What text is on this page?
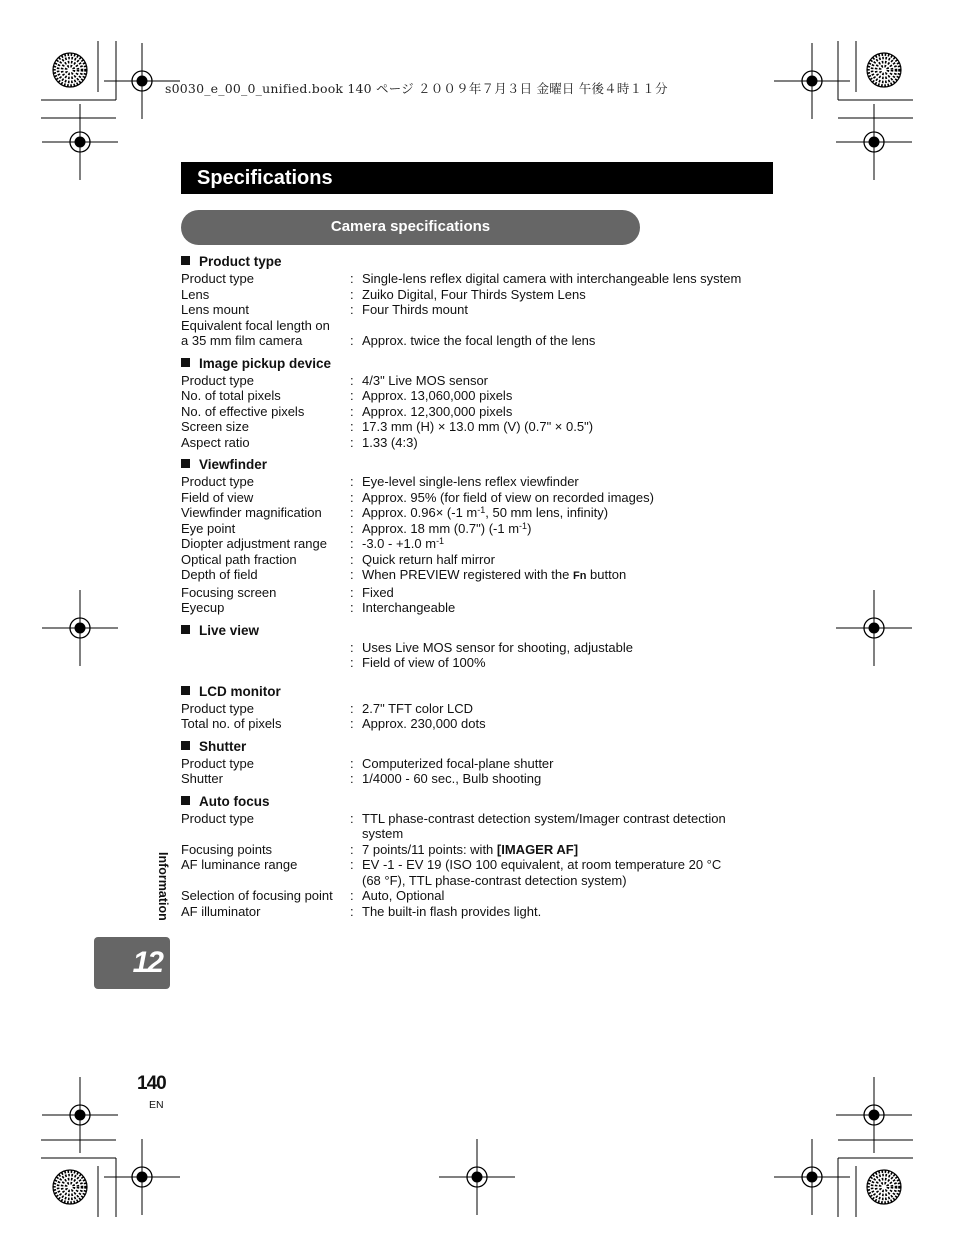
s0030_e_00_0_unified.book 140 ページ ２００９年７月３日 金曜日 午後４時１１分
Specifications
Camera specifications
Product type
Product type	: Single-lens reflex digital camera with interchangeable lens system
Lens	: Zuiko Digital, Four Thirds System Lens
Lens mount	: Four Thirds mount
Equivalent focal length on
a 35 mm film camera	: Approx. twice the focal length of the lens
Image pickup device
Product type	: 4/3" Live MOS sensor
No. of total pixels	: Approx. 13,060,000 pixels
No. of effective pixels	: Approx. 12,300,000 pixels
Screen size	: 17.3 mm (H) × 13.0 mm (V) (0.7" × 0.5")
Aspect ratio	: 1.33 (4:3)
Viewfinder
Product type	: Eye-level single-lens reflex viewfinder
Field of view	: Approx. 95% (for field of view on recorded images)
Viewfinder magnification	: Approx. 0.96× (-1 $m^{-1}$, 50 mm lens, infinity)
Eye point	: Approx. 18 mm (0.7") (-1 $m^{-1}$)
Diopter adjustment range	: -3.0 - +1.0 $m^{-1}$
Optical path fraction	: Quick return half mirror
Depth of field	: When PREVIEW registered with the Fn button
Focusing screen	: Fixed
Eyecup	: Interchangeable
Live view
: Uses Live MOS sensor for shooting, adjustable
: Field of view of 100%
LCD monitor
Product type	: 2.7" TFT color LCD
Total no. of pixels	: Approx. 230,000 dots
Shutter
Product type	: Computerized focal-plane shutter
Shutter	: 1/4000 - 60 sec., Bulb shooting
Auto focus
Product type	: TTL phase-contrast detection system/Imager contrast detection
system
Focusing points	: 7 points/11 points: with [IMAGER AF]
AF luminance range	: EV -1 - EV 19 (ISO 100 equivalent, at room temperature 20 °C
(68 °F), TTL phase-contrast detection system)
Selection of focusing point	: Auto, Optional
AF illuminator	: The built-in flash provides light.
Information
12
140
EN
